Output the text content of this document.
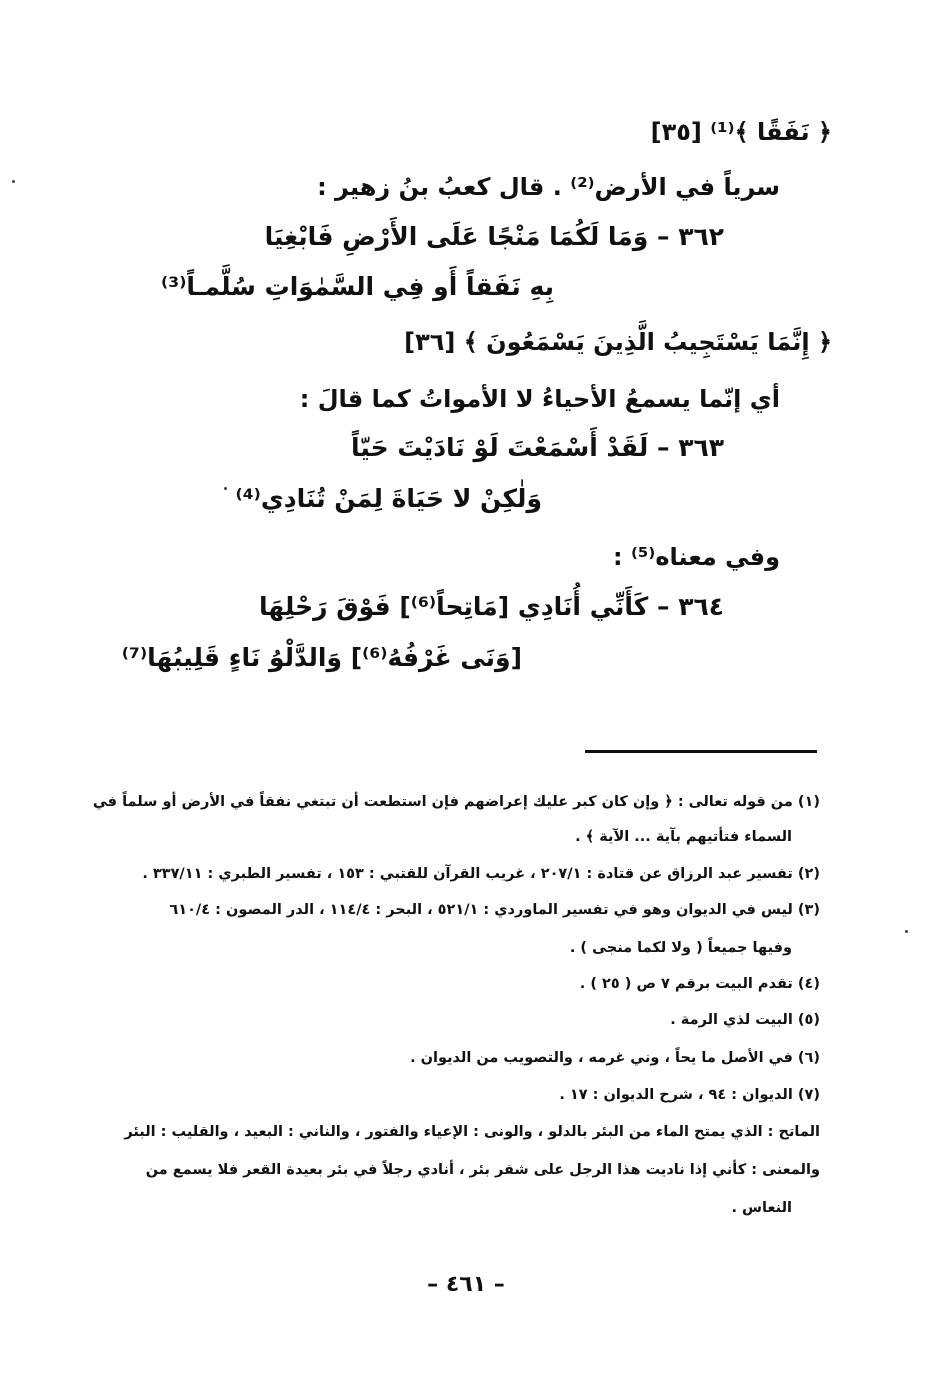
﴿ نَفَقًا ﴾⁽¹⁾ [٣٥]
سرياً في الأرض⁽²⁾ . قال كعبُ بنُ زهير :
٣٦٢ – وَمَا لَكُمَا مَنْجًا عَلَى الأَرْضِ فَابْغِيَا
بِهِ نَفَقاً أَو فِي السَّمٰوَاتِ سُلَّمـاً⁽³⁾
﴿ إِنَّمَا يَسْتَجِيبُ الَّذِينَ يَسْمَعُونَ ﴾ [٣٦]
أي إنّما يسمعُ الأحياءُ لا الأمواتُ كما قالَ :
٣٦٣ – لَقَدْ أَسْمَعْتَ لَوْ نَادَيْتَ حَيّاً
وَلٰكِنْ لا حَيَاةَ لِمَنْ تُنَادِي⁽⁴⁾
وفي معناه⁽⁵⁾ :
٣٦٤ – كَأَنِّي أُنَادِي [مَاتِحاً⁽⁶⁾] فَوْقَ رَحْلِهَا
[وَنَى غَرْفُهُ⁽⁶⁾] وَالدَّلْوُ نَاءٍ قَلِيبُهَا⁽⁷⁾
(١) من قوله تعالى : ﴿ وإن كان كبر عليك إعراضهم فإن استطعت أن تبتغي نفقاً في الأرض أو سلماً في
السماء فتأتيهم بآية ... الآية ﴾ .
(٢) تفسير عبد الرزاق عن قتادة : ٢٠٧/١ ، غريب القرآن للقتبي : ١٥٣ ، تفسير الطبري : ٣٣٧/١١ .
(٣) ليس في الديوان وهو في تفسير الماوردي : ٥٢١/١ ، البحر : ١١٤/٤ ، الدر المصون : ٦١٠/٤
وفيها جميعاً ( ولا لكما منجى ) .
(٤) تقدم البيت برقم ٧ ص ( ٢٥ ) .
(٥) البيت لذي الرمة .
(٦) في الأصل ما يحاً ، وني غرمه ، والتصويب من الديوان .
(٧) الديوان : ٩٤ ، شرح الديوان : ١٧ .
الماتح : الذي يمتح الماء من البئر بالدلو ، والونى : الإعياء والفتور ، والناني : البعيد ، والقليب : البئر
والمعنى : كأني إذا ناديت هذا الرجل على شفر بئر ، أنادي رجلاً في بئر بعيدة القعر فلا يسمع من
النعاس .
– ٤٦١ –
